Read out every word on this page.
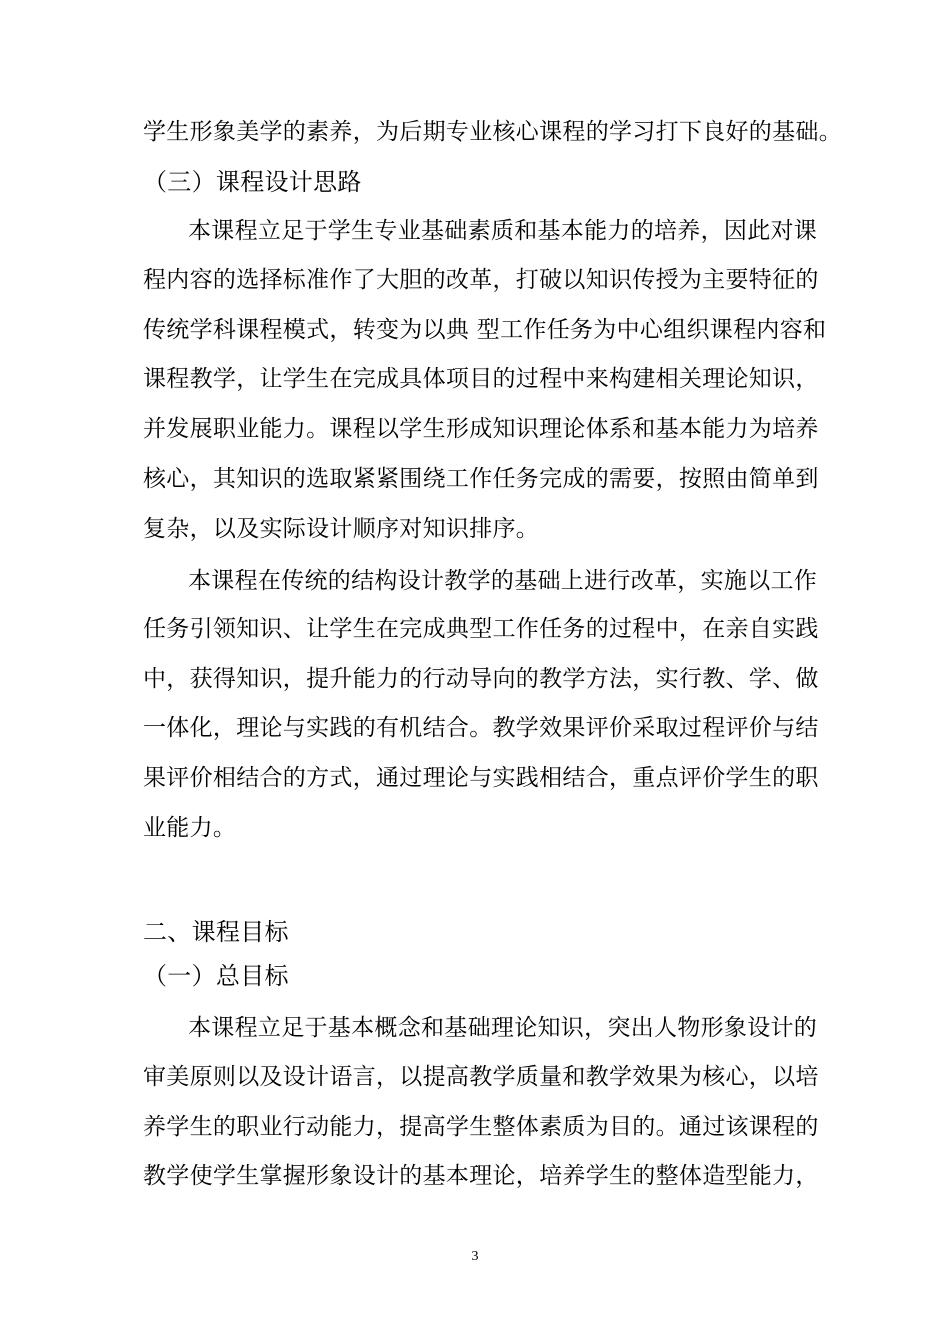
学生形象美学的素养，为后期专业核心课程的学习打下良好的基础。
（三）课程设计思路
本课程立足于学生专业基础素质和基本能力的培养，因此对课
程内容的选择标准作了大胆的改革，打破以知识传授为主要特征的
传统学科课程模式，转变为以典 型工作任务为中心组织课程内容和
课程教学，让学生在完成具体项目的过程中来构建相关理论知识，
并发展职业能力。课程以学生形成知识理论体系和基本能力为培养
核心，其知识的选取紧紧围绕工作任务完成的需要，按照由简单到
复杂，以及实际设计顺序对知识排序。
本课程在传统的结构设计教学的基础上进行改革，实施以工作
任务引领知识、让学生在完成典型工作任务的过程中，在亲自实践
中，获得知识，提升能力的行动导向的教学方法，实行教、学、做
一体化，理论与实践的有机结合。教学效果评价采取过程评价与结
果评价相结合的方式，通过理论与实践相结合，重点评价学生的职
业能力。
二、课程目标
（一）总目标
本课程立足于基本概念和基础理论知识，突出人物形象设计的
审美原则以及设计语言，以提高教学质量和教学效果为核心，以培
养学生的职业行动能力，提高学生整体素质为目的。通过该课程的
教学使学生掌握形象设计的基本理论，培养学生的整体造型能力，
3
